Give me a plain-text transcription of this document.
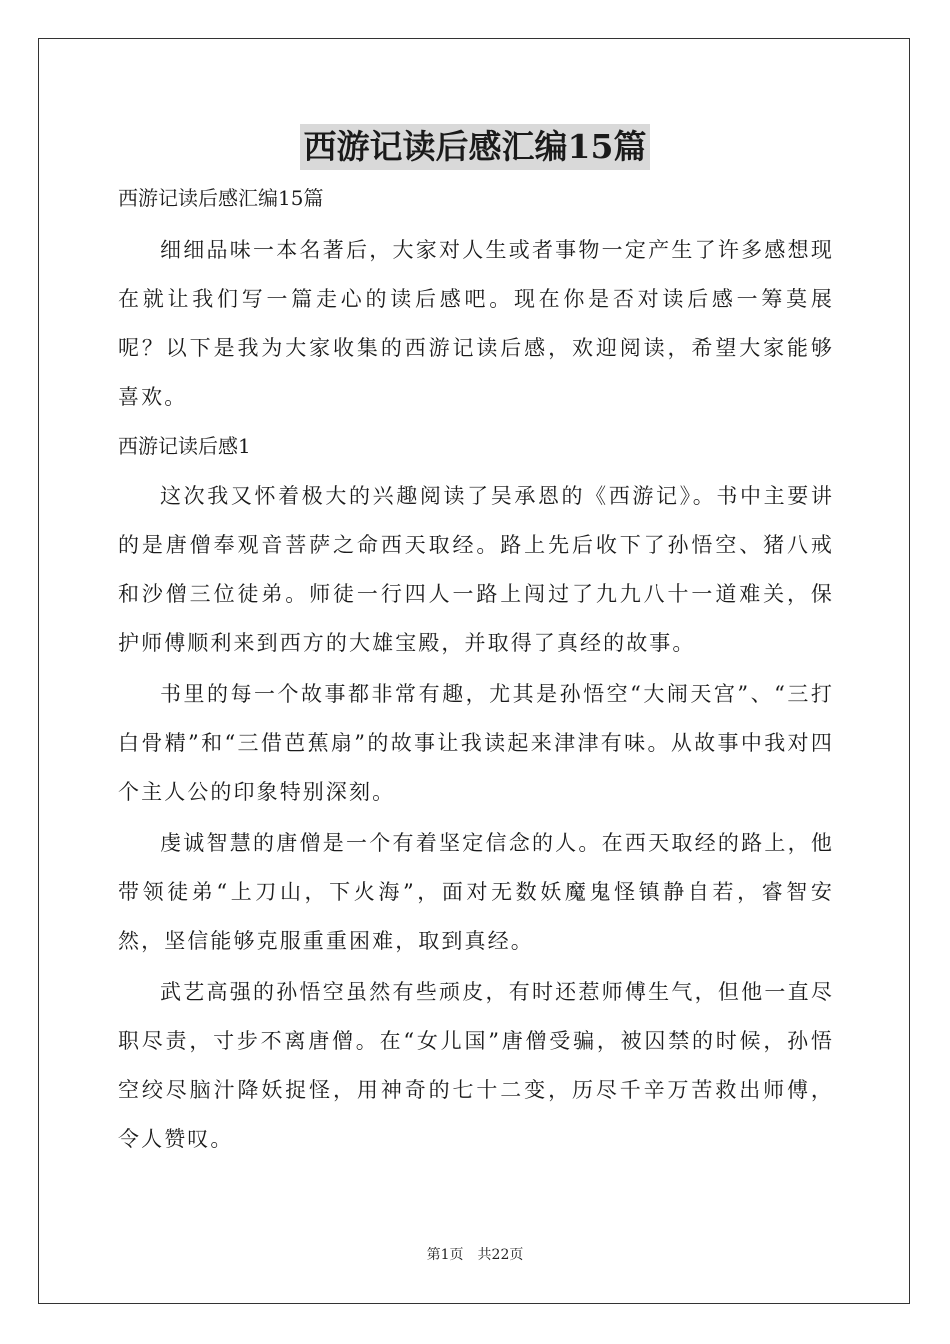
西游记读后感汇编15篇
西游记读后感汇编15篇

细细品味一本名著后，大家对人生或者事物一定产生了许多感想现在就让我们写一篇走心的读后感吧。现在你是否对读后感一筹莫展呢？以下是我为大家收集的西游记读后感，欢迎阅读，希望大家能够喜欢。

西游记读后感1

这次我又怀着极大的兴趣阅读了吴承恩的《西游记》。书中主要讲的是唐僧奉观音菩萨之命西天取经。路上先后收下了孙悟空、猪八戒和沙僧三位徒弟。师徒一行四人一路上闯过了九九八十一道难关，保护师傅顺利来到西方的大雄宝殿，并取得了真经的故事。

书里的每一个故事都非常有趣，尤其是孙悟空“大闹天宫”、“三打白骨精”和“三借芭蕉扇”的故事让我读起来津津有味。从故事中我对四个主人公的印象特别深刻。

虔诚智慧的唐僧是一个有着坚定信念的人。在西天取经的路上，他带领徒弟“上刀山，下火海”，面对无数妖魔鬼怪镇静自若，睿智安然，坚信能够克服重重困难，取到真经。

武艺高强的孙悟空虽然有些顽皮，有时还惹师傅生气，但他一直尽职尽责，寸步不离唐僧。在“女儿国”唐僧受骗，被囚禁的时候，孙悟空绞尽脑汁降妖捉怪，用神奇的七十二变，历尽千辛万苦救出师傅，令人赞叹。

第1页 共22页
